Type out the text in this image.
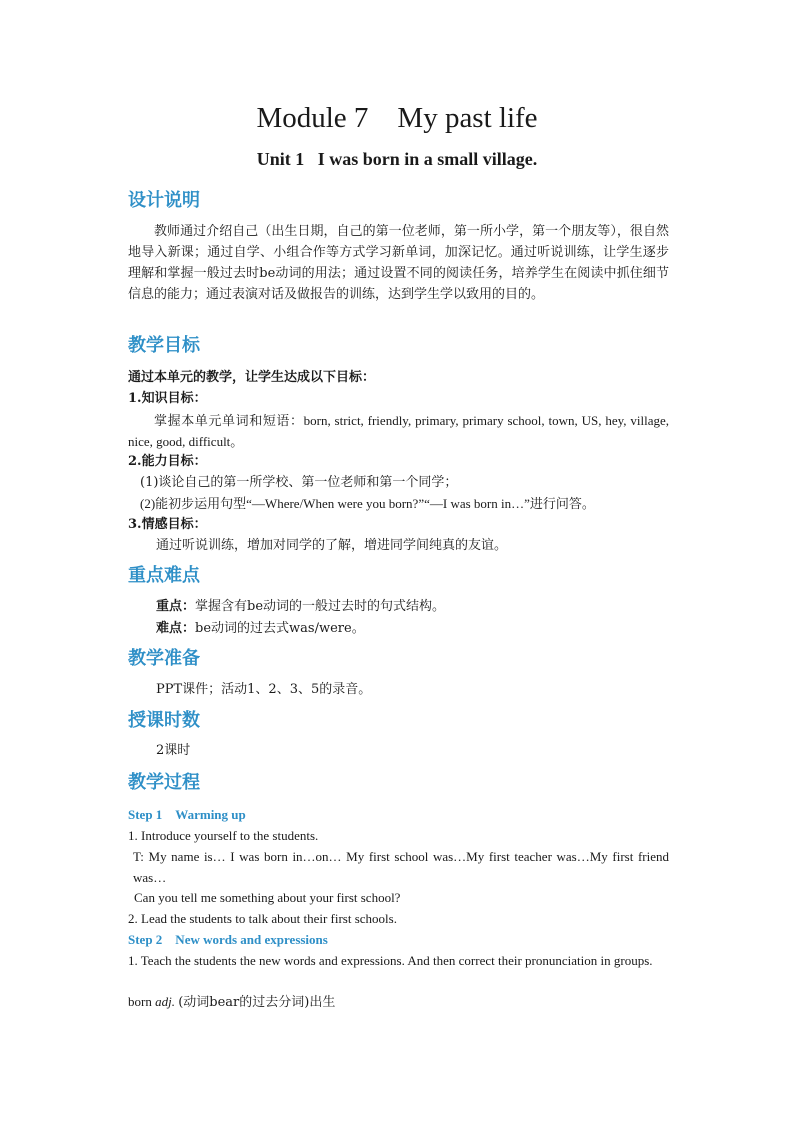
Module 7    My past life
Unit 1   I was born in a small village.
设计说明
教师通过介绍自己（出生日期，自己的第一位老师，第一所小学，第一个朋友等），很自然地导入新课；通过自学、小组合作等方式学习新单词，加深记忆。通过听说训练，让学生逐步理解和掌握一般过去时be动词的用法；通过设置不同的阅读任务，培养学生在阅读中抓住细节信息的能力；通过表演对话及做报告的训练，达到学生学以致用的目的。
教学目标
通过本单元的教学，让学生达成以下目标：
1.知识目标：
掌握本单元单词和短语：born, strict, friendly, primary, primary school, town, US, hey, village, nice, good, difficult。
2.能力目标：
(1)谈论自己的第一所学校、第一位老师和第一个同学；
(2)能初步运用句型“—Where/When were you born?”“—I was born in…”进行问答。
3.情感目标：
通过听说训练，增加对同学的了解，增进同学间纯真的友谊。
重点难点
重点：掌握含有be动词的一般过去时的句式结构。
难点：be动词的过去式was/were。
教学准备
PPT课件；活动1、2、3、5的录音。
授课时数
2课时
教学过程
Step 1    Warming up
1. Introduce yourself to the students.
T: My name is… I was born in…on… My first school was…My first teacher was…My first friend was…
Can you tell me something about your first school?
2. Lead the students to talk about their first schools.
Step 2    New words and expressions
1. Teach the students the new words and expressions. And then correct their pronunciation in groups.
born adj. (动词bear的过去分词)出生
